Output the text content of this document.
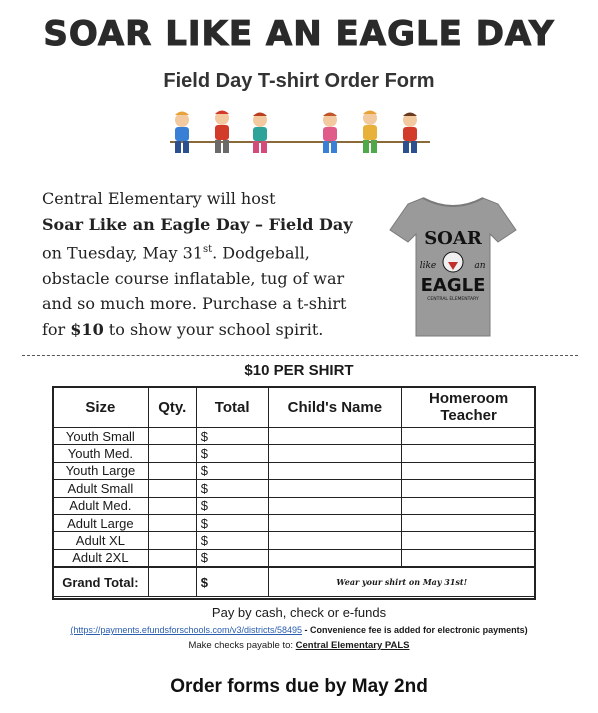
SOAR LIKE AN EAGLE DAY
Field Day T-shirt Order Form
Central Elementary will host
Soar Like an Eagle Day – Field Day
on Tuesday, May 31st. Dodgeball,
obstacle course inflatable, tug of war
and so much more. Purchase a t-shirt
for $10 to show your school spirit.
SOAR
like	an
EAGLE
CENTRAL ELEMENTARY
$10 PER SHIRT
Size	Qty.	Total	Child's Name	Homeroom
Teacher
Youth Small		$		
Youth Med.		$		
Youth Large		$		
Adult Small		$		
Adult Med.		$		
Adult Large		$		
Adult XL		$		
Adult 2XL		$		
Grand Total:		$	Wear your shirt on May 31st!	
Pay by cash, check or e-funds
(https://payments.efundsforschools.com/v3/districts/58495 - Convenience fee is added for electronic payments)
Make checks payable to: Central Elementary PALS
Order forms due by May 2nd
